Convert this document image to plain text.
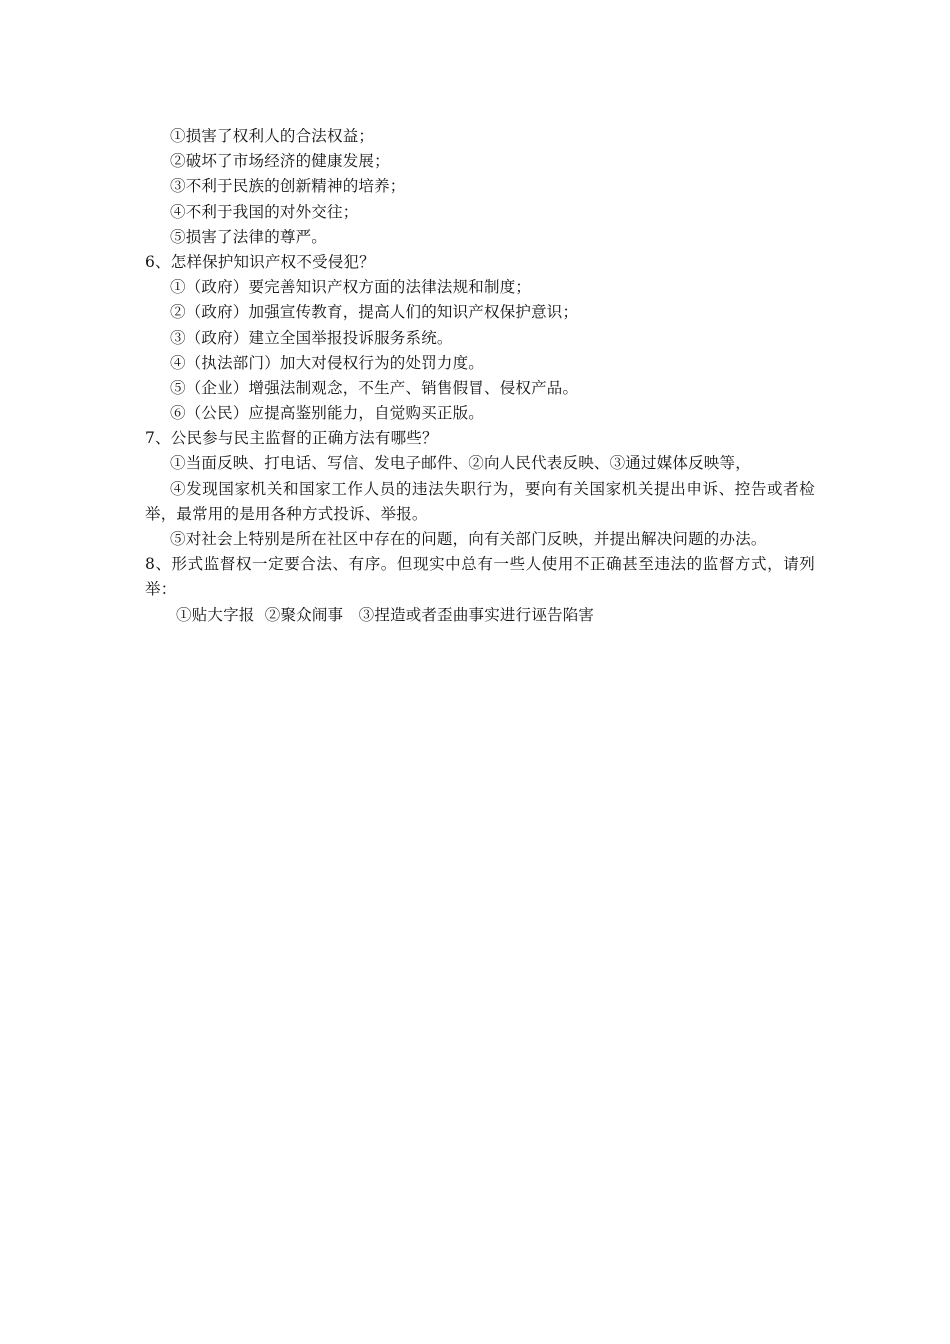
①损害了权利人的合法权益；
②破坏了市场经济的健康发展；
③不利于民族的创新精神的培养；
④不利于我国的对外交往；
⑤损害了法律的尊严。
6、怎样保护知识产权不受侵犯？
①（政府）要完善知识产权方面的法律法规和制度；
②（政府）加强宣传教育，提高人们的知识产权保护意识；
③（政府）建立全国举报投诉服务系统。
④（执法部门）加大对侵权行为的处罚力度。
⑤（企业）增强法制观念，不生产、销售假冒、侵权产品。
⑥（公民）应提高鉴别能力，自觉购买正版。
7、公民参与民主监督的正确方法有哪些？
①当面反映、打电话、写信、发电子邮件、②向人民代表反映、③通过媒体反映等，
④发现国家机关和国家工作人员的违法失职行为，要向有关国家机关提出申诉、控告或者检举，最常用的是用各种方式投诉、举报。
⑤对社会上特别是所在社区中存在的问题，向有关部门反映，并提出解决问题的办法。
8、形式监督权一定要合法、有序。但现实中总有一些人使用不正确甚至违法的监督方式，请列举：
①贴大字报  ②聚众闹事   ③捏造或者歪曲事实进行诬告陷害
